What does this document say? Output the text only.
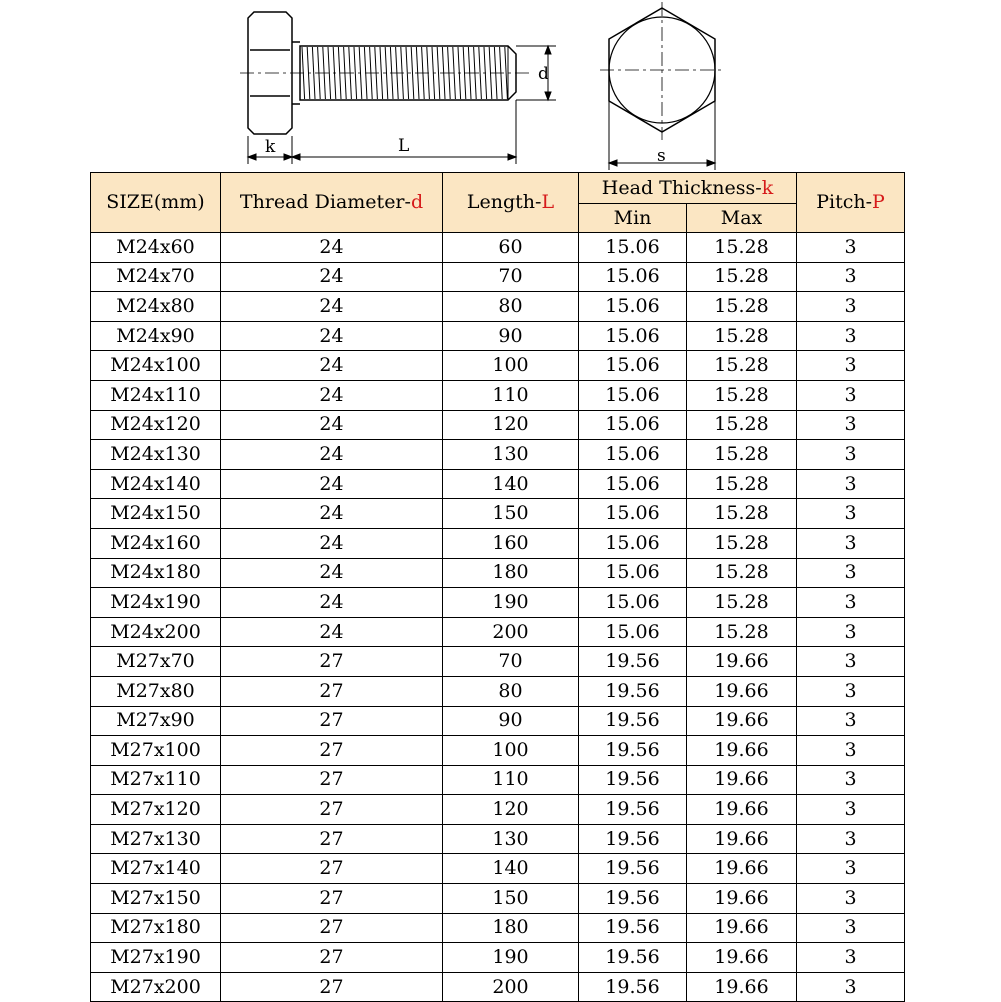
k	L
d
s
SIZE(mm)	Thread Diameter-d	Length-L	Head Thickness-k		Pitch-P
			Min	Max	
M24x60	24	60	15.06	15.28	3
M24x70	24	70	15.06	15.28	3
M24x80	24	80	15.06	15.28	3
M24x90	24	90	15.06	15.28	3
M24x100	24	100	15.06	15.28	3
M24x110	24	110	15.06	15.28	3
M24x120	24	120	15.06	15.28	3
M24x130	24	130	15.06	15.28	3
M24x140	24	140	15.06	15.28	3
M24x150	24	150	15.06	15.28	3
M24x160	24	160	15.06	15.28	3
M24x180	24	180	15.06	15.28	3
M24x190	24	190	15.06	15.28	3
M24x200	24	200	15.06	15.28	3
M27x70	27	70	19.56	19.66	3
M27x80	27	80	19.56	19.66	3
M27x90	27	90	19.56	19.66	3
M27x100	27	100	19.56	19.66	3
M27x110	27	110	19.56	19.66	3
M27x120	27	120	19.56	19.66	3
M27x130	27	130	19.56	19.66	3
M27x140	27	140	19.56	19.66	3
M27x150	27	150	19.56	19.66	3
M27x180	27	180	19.56	19.66	3
M27x190	27	190	19.56	19.66	3
M27x200	27	200	19.56	19.66	3
